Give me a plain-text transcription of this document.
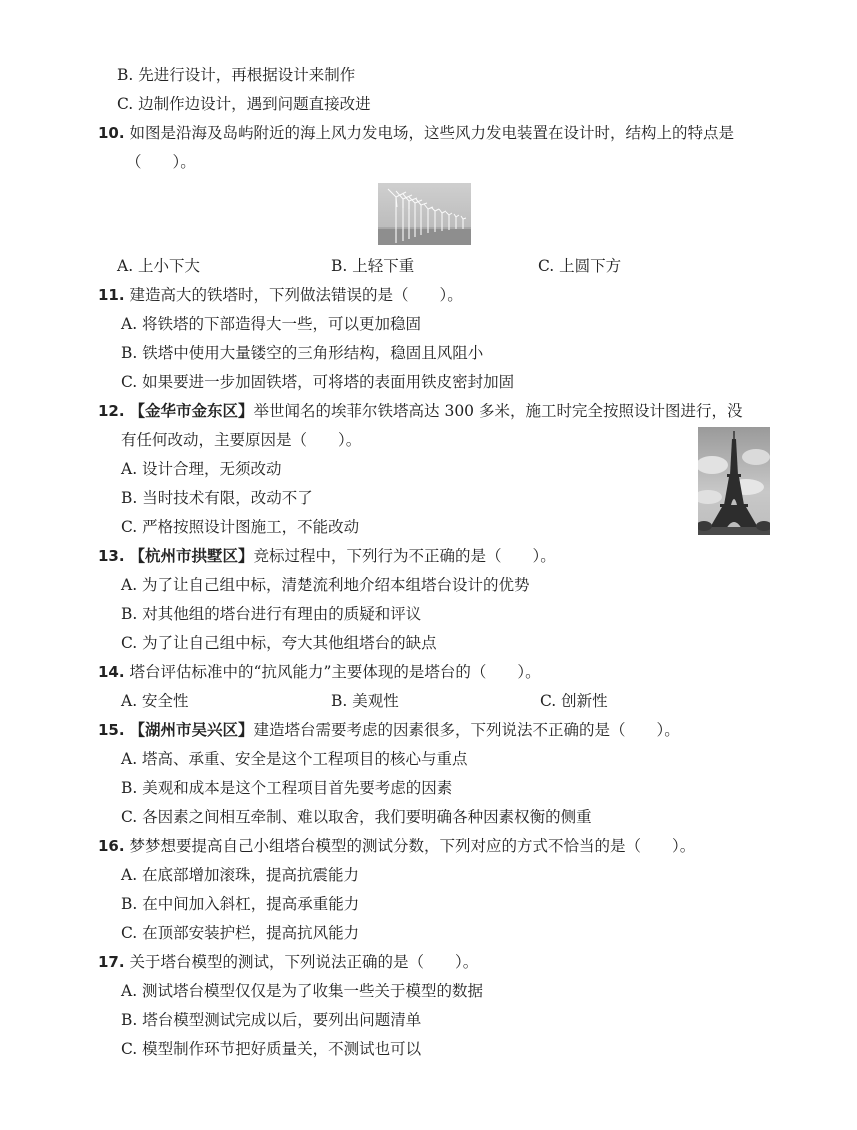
B. 先进行设计，再根据设计来制作
C. 边制作边设计，遇到问题直接改进
10. 如图是沿海及岛屿附近的海上风力发电场，这些风力发电装置在设计时，结构上的特点是
（　　）。
A. 上小下大	B. 上轻下重	C. 上圆下方
11. 建造高大的铁塔时，下列做法错误的是（　　）。
A. 将铁塔的下部造得大一些，可以更加稳固
B. 铁塔中使用大量镂空的三角形结构，稳固且风阻小
C. 如果要进一步加固铁塔，可将塔的表面用铁皮密封加固
12. 【金华市金东区】举世闻名的埃菲尔铁塔高达 300 多米，施工时完全按照设计图进行，没
有任何改动，主要原因是（　　）。
A. 设计合理，无须改动
B. 当时技术有限，改动不了
C. 严格按照设计图施工，不能改动
13. 【杭州市拱墅区】竞标过程中，下列行为不正确的是（　　）。
A. 为了让自己组中标，清楚流利地介绍本组塔台设计的优势
B. 对其他组的塔台进行有理由的质疑和评议
C. 为了让自己组中标，夸大其他组塔台的缺点
14. 塔台评估标准中的“抗风能力”主要体现的是塔台的（　　）。
A. 安全性	B. 美观性	C. 创新性
15. 【湖州市吴兴区】建造塔台需要考虑的因素很多，下列说法不正确的是（　　）。
A. 塔高、承重、安全是这个工程项目的核心与重点
B. 美观和成本是这个工程项目首先要考虑的因素
C. 各因素之间相互牵制、难以取舍，我们要明确各种因素权衡的侧重
16. 梦梦想要提高自己小组塔台模型的测试分数，下列对应的方式不恰当的是（　　）。
A. 在底部增加滚珠，提高抗震能力
B. 在中间加入斜杠，提高承重能力
C. 在顶部安装护栏，提高抗风能力
17. 关于塔台模型的测试，下列说法正确的是（　　）。
A. 测试塔台模型仅仅是为了收集一些关于模型的数据
B. 塔台模型测试完成以后，要列出问题清单
C. 模型制作环节把好质量关，不测试也可以
